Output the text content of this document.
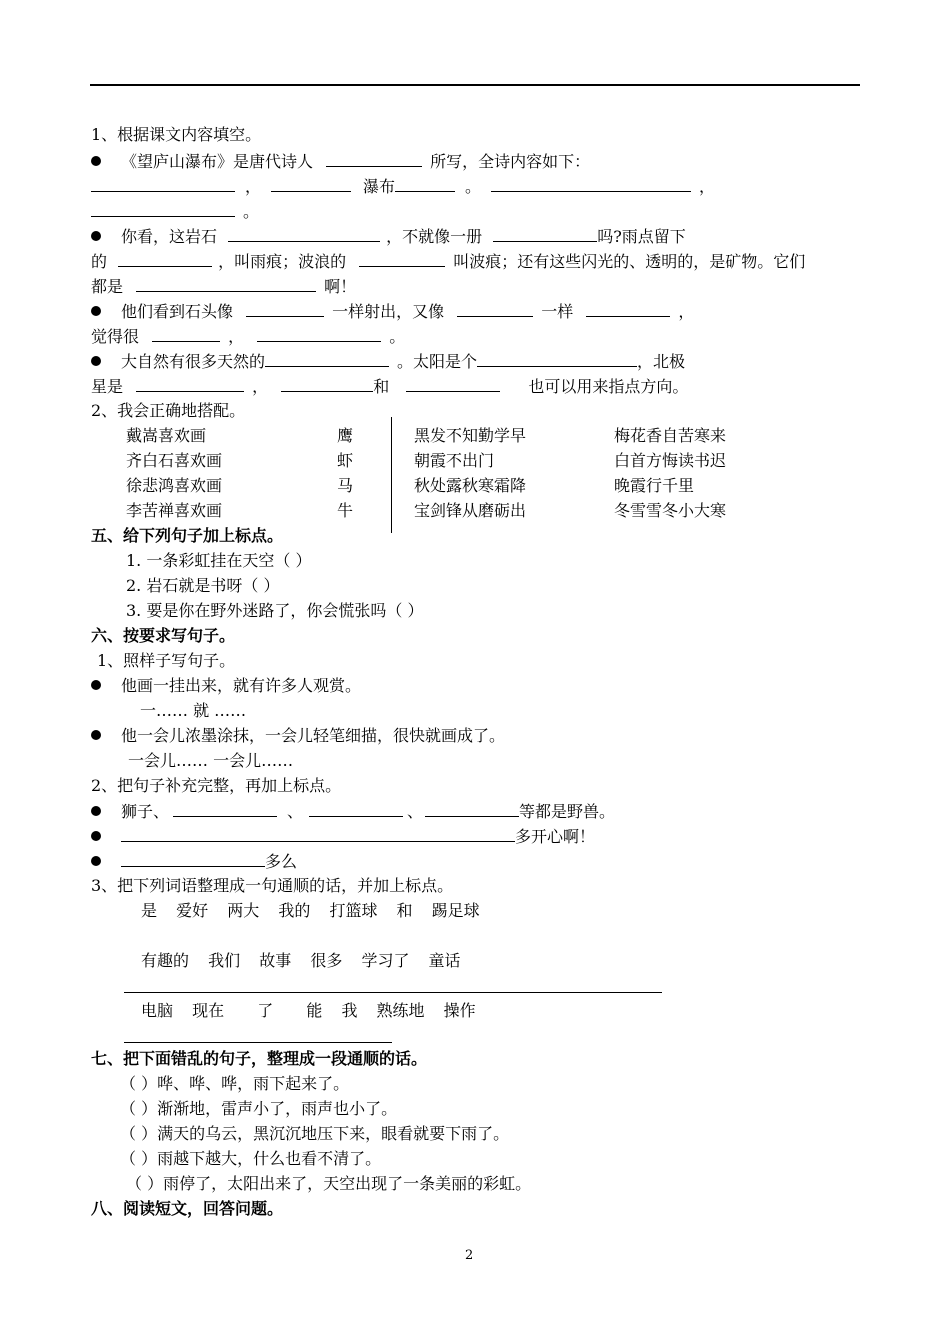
1、根据课文内容填空。
《望庐山瀑布》是唐代诗人	所写，全诗内容如下：
，	瀑布	。	，
。
你看，这岩石	，不就像一册	吗?雨点留下
的	，叫雨痕；波浪的	叫波痕；还有这些闪光的、透明的，是矿物。它们
都是	啊！
他们看到石头像	一样射出，又像	一样	，
觉得很	，	。
大自然有很多天然的	。太阳是个	，北极
星是	，	和	也可以用来指点方向。
2、我会正确地搭配。
戴嵩喜欢画	鹰
齐白石喜欢画	虾
徐悲鸿喜欢画	马
李苦禅喜欢画	牛
黑发不知勤学早	梅花香自苦寒来
朝霞不出门	白首方悔读书迟
秋处露秋寒霜降	晚霞行千里
宝剑锋从磨砺出	冬雪雪冬小大寒
五、给下列句子加上标点。
1. 一条彩虹挂在天空（ ）
2. 岩石就是书呀（ ）
3. 要是你在野外迷路了，你会慌张吗（ ）
六、按要求写句子。
1、照样子写句子。
他画一挂出来，就有许多人观赏。
一…… 就 ……
他一会儿浓墨涂抹，一会儿轻笔细描，很快就画成了。
一会儿…… 一会儿……
2、把句子补充完整，再加上标点。
狮子、	、	、	等都是野兽。
多开心啊！
多么
3、把下列词语整理成一句通顺的话，并加上标点。
是 爱好 两大 我的 打篮球 和 踢足球
有趣的 我们 故事 很多 学习了 童话
电脑 现在 了 能 我 熟练地 操作
七、把下面错乱的句子，整理成一段通顺的话。
（ ）哗、哗、哗，雨下起来了。
（ ）渐渐地，雷声小了，雨声也小了。
（ ）满天的乌云，黑沉沉地压下来，眼看就要下雨了。
（ ）雨越下越大，什么也看不清了。
（ ）雨停了，太阳出来了，天空出现了一条美丽的彩虹。
八、阅读短文，回答问题。
2
